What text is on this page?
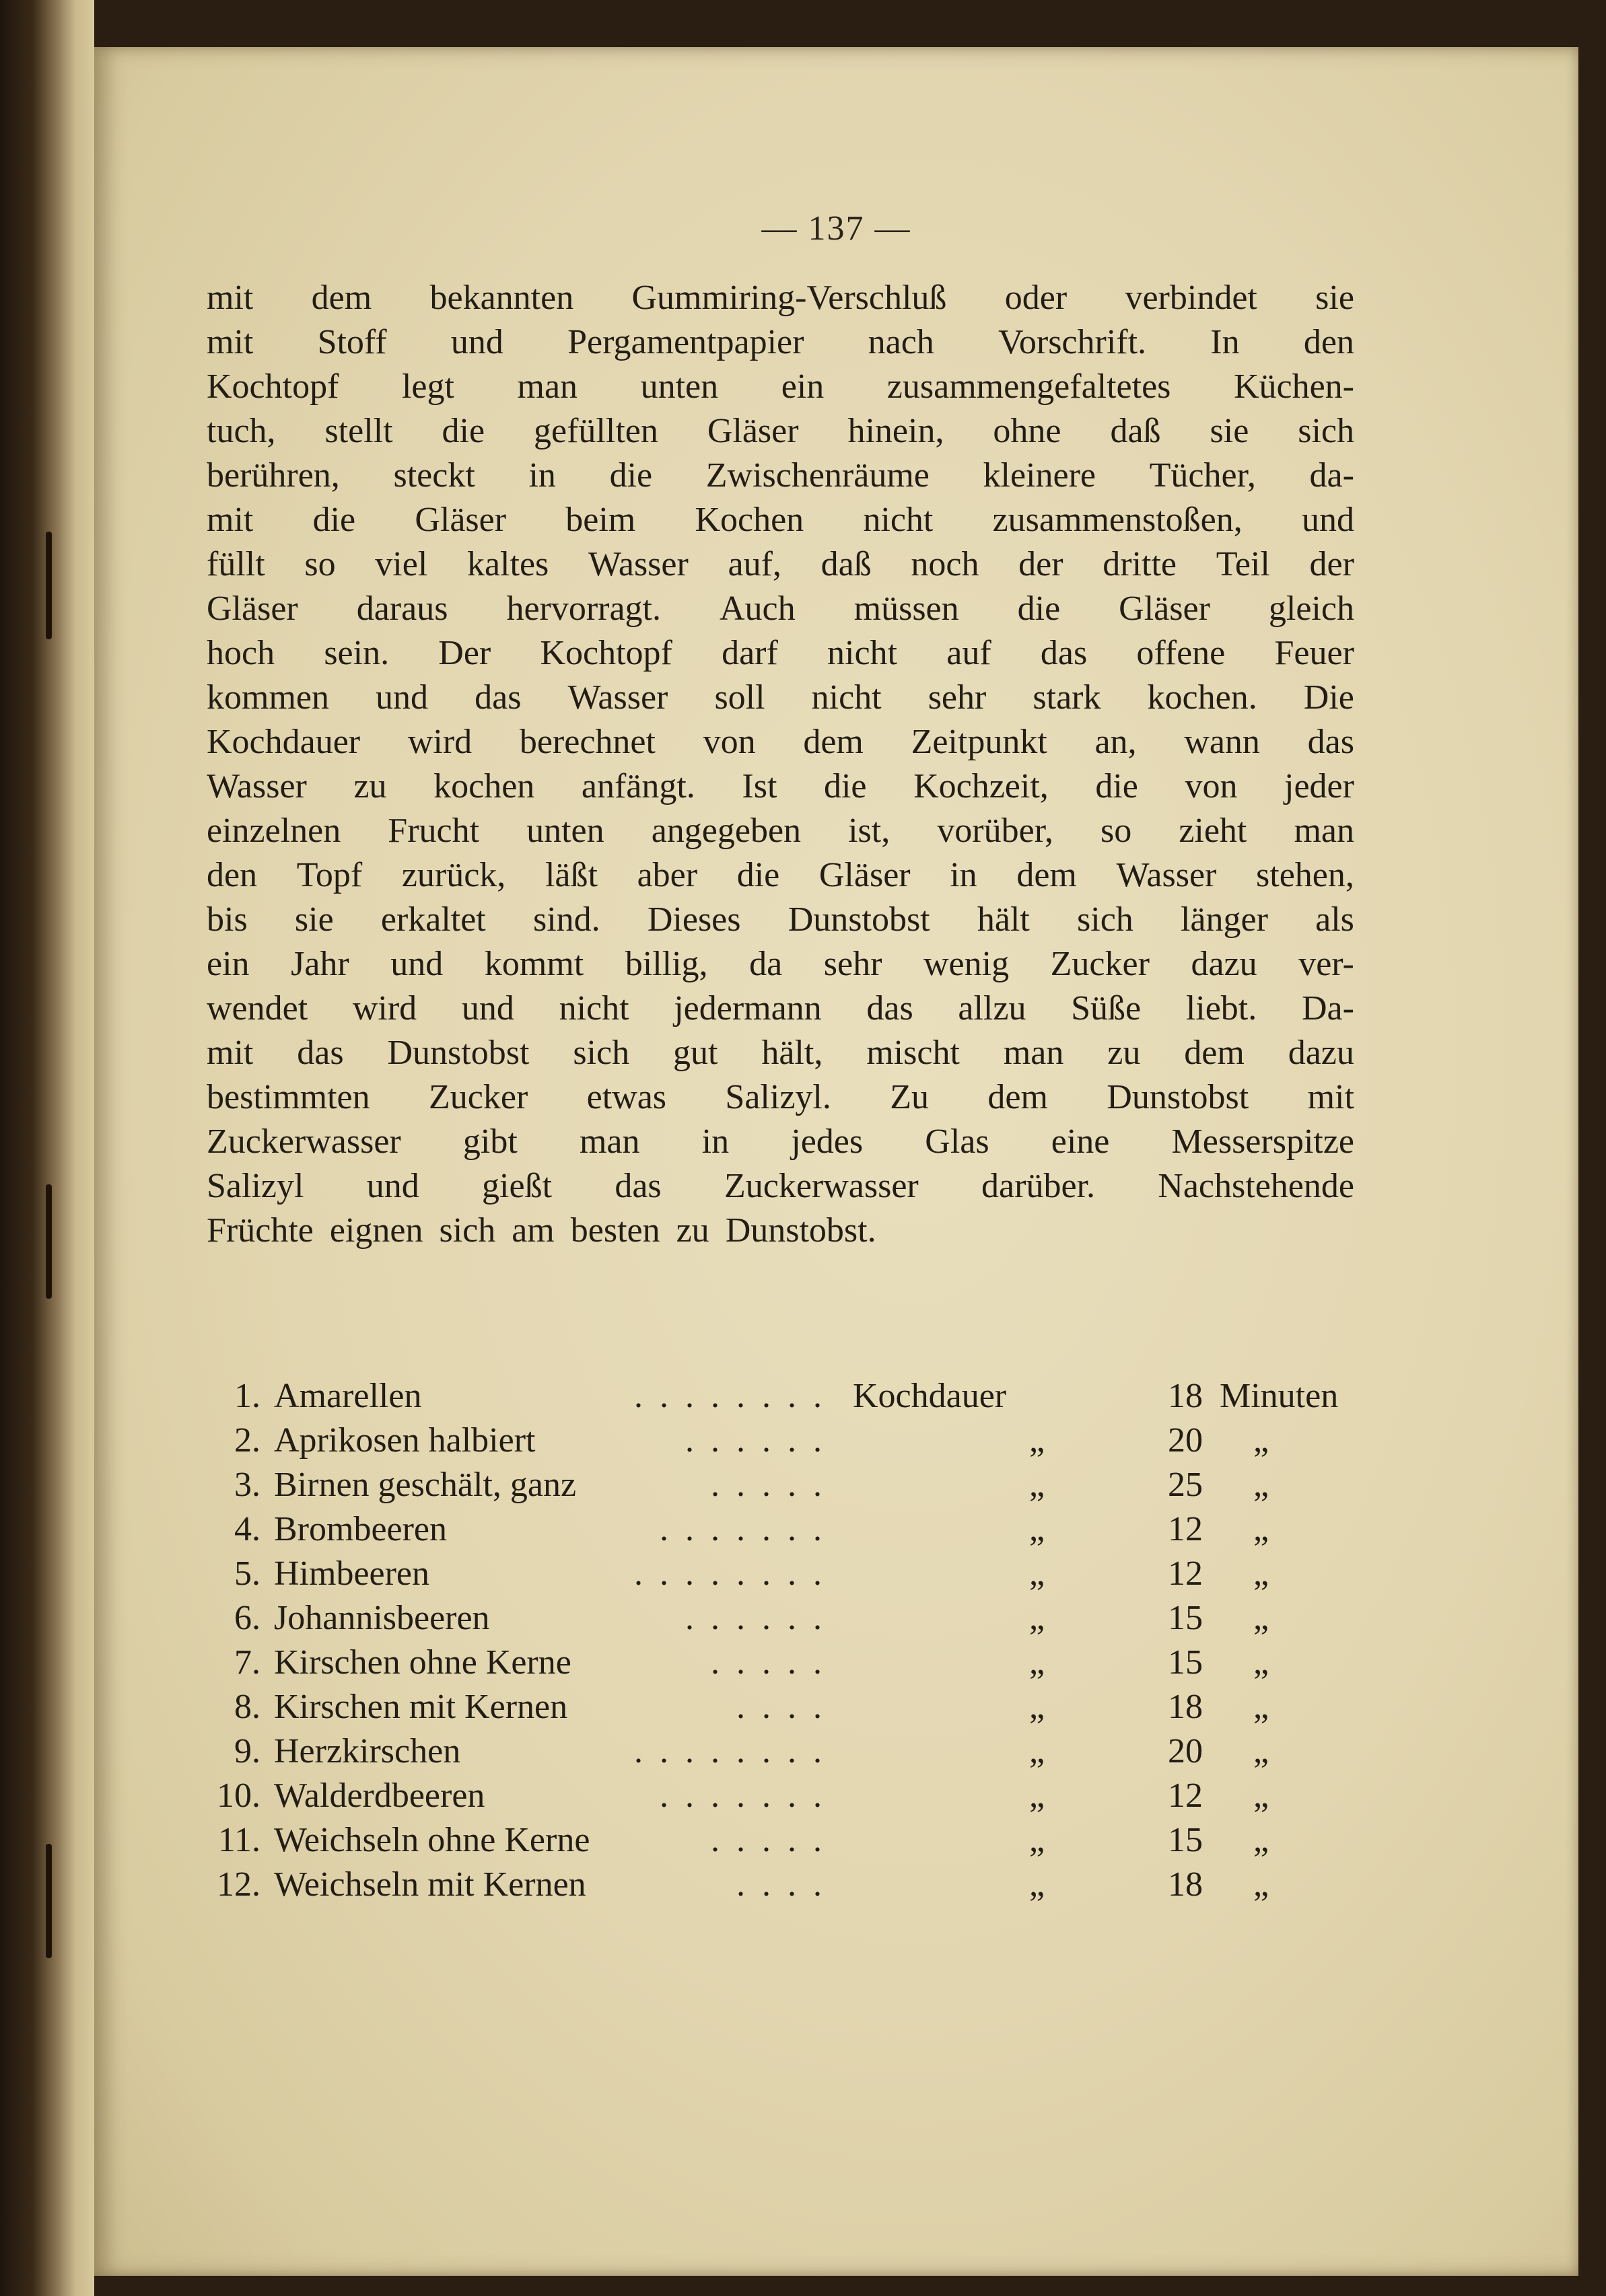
— 137 —
mit dem bekannten Gummiring-Verschluß oder verbindet sie
mit Stoff und Pergamentpapier nach Vorschrift. In den
Kochtopf legt man unten ein zusammengefaltetes Küchen-
tuch, stellt die gefüllten Gläser hinein, ohne daß sie sich
berühren, steckt in die Zwischenräume kleinere Tücher, da-
mit die Gläser beim Kochen nicht zusammenstoßen, und
füllt so viel kaltes Wasser auf, daß noch der dritte Teil der
Gläser daraus hervorragt. Auch müssen die Gläser gleich
hoch sein. Der Kochtopf darf nicht auf das offene Feuer
kommen und das Wasser soll nicht sehr stark kochen. Die
Kochdauer wird berechnet von dem Zeitpunkt an, wann das
Wasser zu kochen anfängt. Ist die Kochzeit, die von jeder
einzelnen Frucht unten angegeben ist, vorüber, so zieht man
den Topf zurück, läßt aber die Gläser in dem Wasser stehen,
bis sie erkaltet sind. Dieses Dunstobst hält sich länger als
ein Jahr und kommt billig, da sehr wenig Zucker dazu ver-
wendet wird und nicht jedermann das allzu Süße liebt. Da-
mit das Dunstobst sich gut hält, mischt man zu dem dazu
bestimmten Zucker etwas Salizyl. Zu dem Dunstobst mit
Zuckerwasser gibt man in jedes Glas eine Messerspitze
Salizyl und gießt das Zuckerwasser darüber. Nachstehende
Früchte eignen sich am besten zu Dunstobst.
1. Amarellen	. . . . . . . . Kochdauer	18 Minuten
2. Aprikosen halbiert	. . . . . .	„	20 „
3. Birnen geschält, ganz	. . . . .	„	25 „
4. Brombeeren	. . . . . . .	„	12 „
5. Himbeeren	. . . . . . . .	„	12 „
6. Johannisbeeren	. . . . . .	„	15 „
7. Kirschen ohne Kerne	. . . . .	„	15 „
8. Kirschen mit Kernen	. . . .	„	18 „
9. Herzkirschen	. . . . . . . .	„	20 „
10. Walderdbeeren	. . . . . . .	„	12 „
11. Weichseln ohne Kerne	. . . . .	„	15 „
12. Weichseln mit Kernen	. . . .	„	18 „
